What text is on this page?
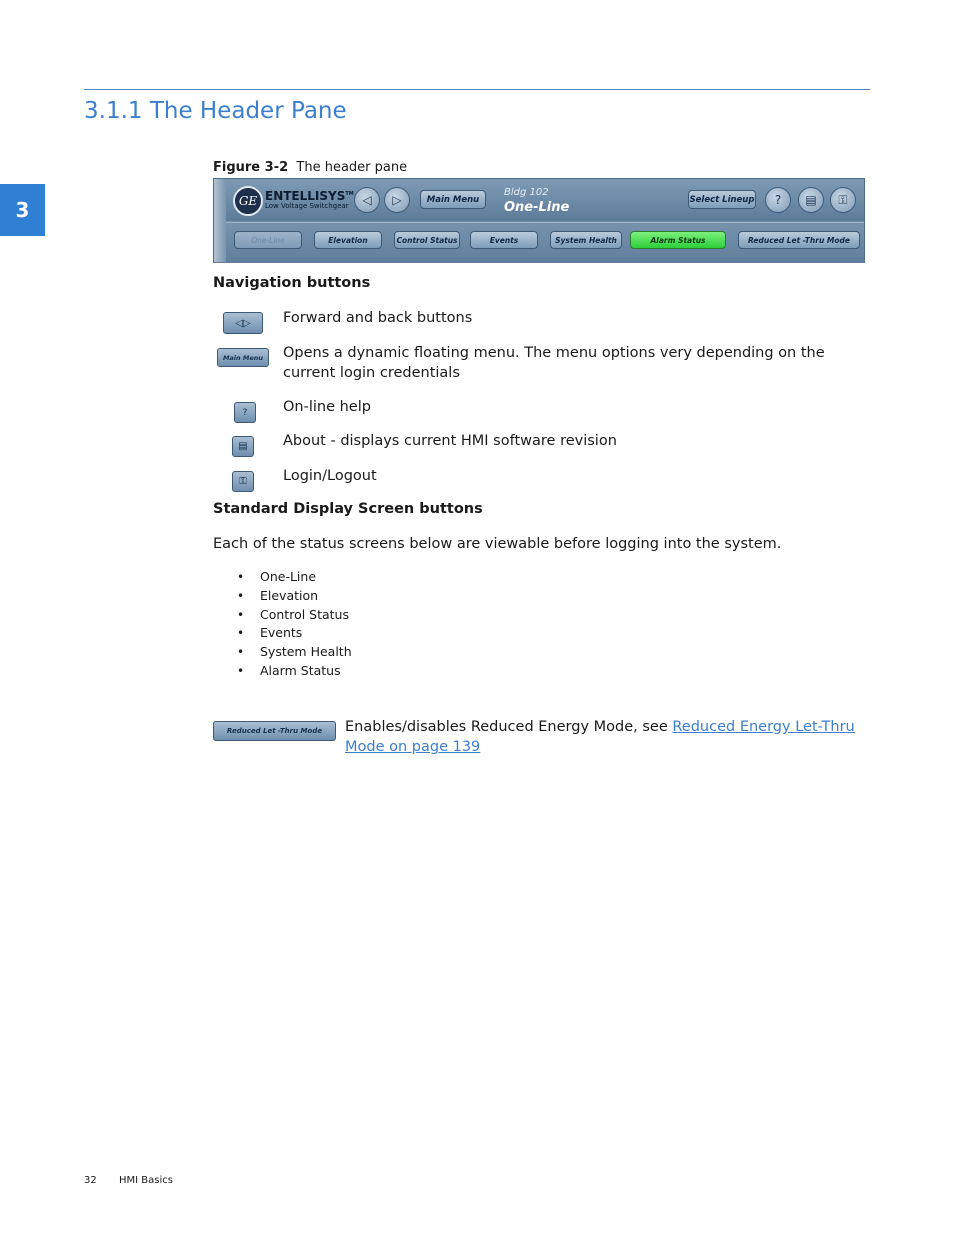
3.1.1 The Header Pane
3
Figure 3-2 The header pane
GE ENTELLISYS™
Low Voltage Switchgear ◁ ▷	Main Menu
Bldg 102
One-Line
Select Lineup ? ▤ ⚿
One-Line	Elevation	Control Status	Events	System Health	Alarm Status	Reduced Let -Thru Mode
Navigation buttons
◁ ▷ Forward and back buttons
Main Menu	Opens a dynamic floating menu. The menu options very depending on the current login credentials
?	On-line help
▤	About - displays current HMI software revision
⚿	Login/Logout
Standard Display Screen buttons
Each of the status screens below are viewable before logging into the system.
• One-Line
• Elevation
• Control Status
• Events
• System Health
• Alarm Status
Reduced Let -Thru Mode	Enables/disables Reduced Energy Mode, see Reduced Energy Let-Thru Mode on page 139
32 HMI Basics
